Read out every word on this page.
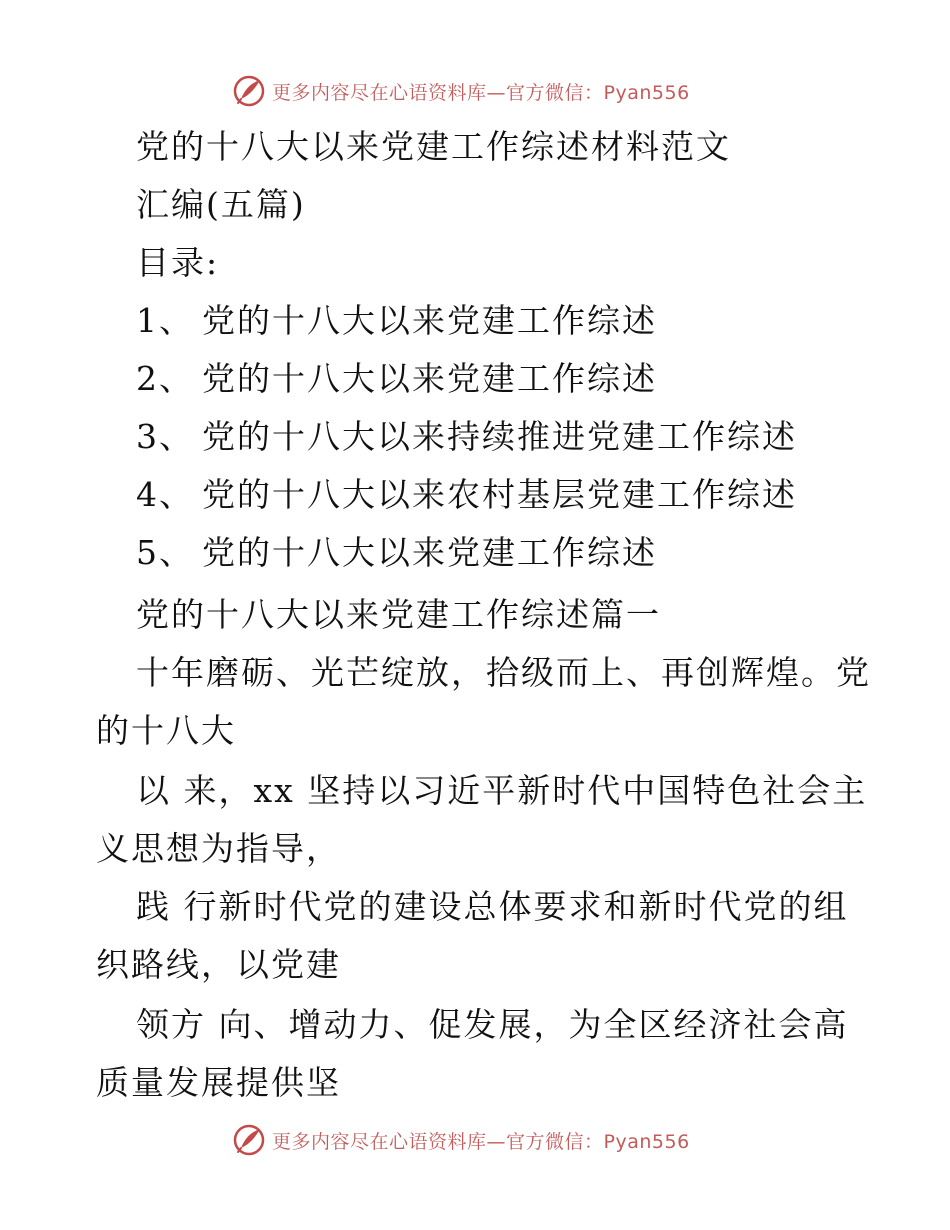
更多内容尽在心语资料库—官方微信：Pyan556
党的十八大以来党建工作综述材料范文
汇编(五篇)
目录:
1、 党的十八大以来党建工作综述
2、 党的十八大以来党建工作综述
3、 党的十八大以来持续推进党建工作综述
4、 党的十八大以来农村基层党建工作综述
5、 党的十八大以来党建工作综述
党的十八大以来党建工作综述篇一
十年磨砺、光芒绽放，拾级而上、再创辉煌。党
的十八大
以 来，xx 坚持以习近平新时代中国特色社会主
义思想为指导，
践 行新时代党的建设总体要求和新时代党的组
织路线，以党建
领方 向、增动力、促发展，为全区经济社会高
质量发展提供坚
更多内容尽在心语资料库—官方微信：Pyan556
